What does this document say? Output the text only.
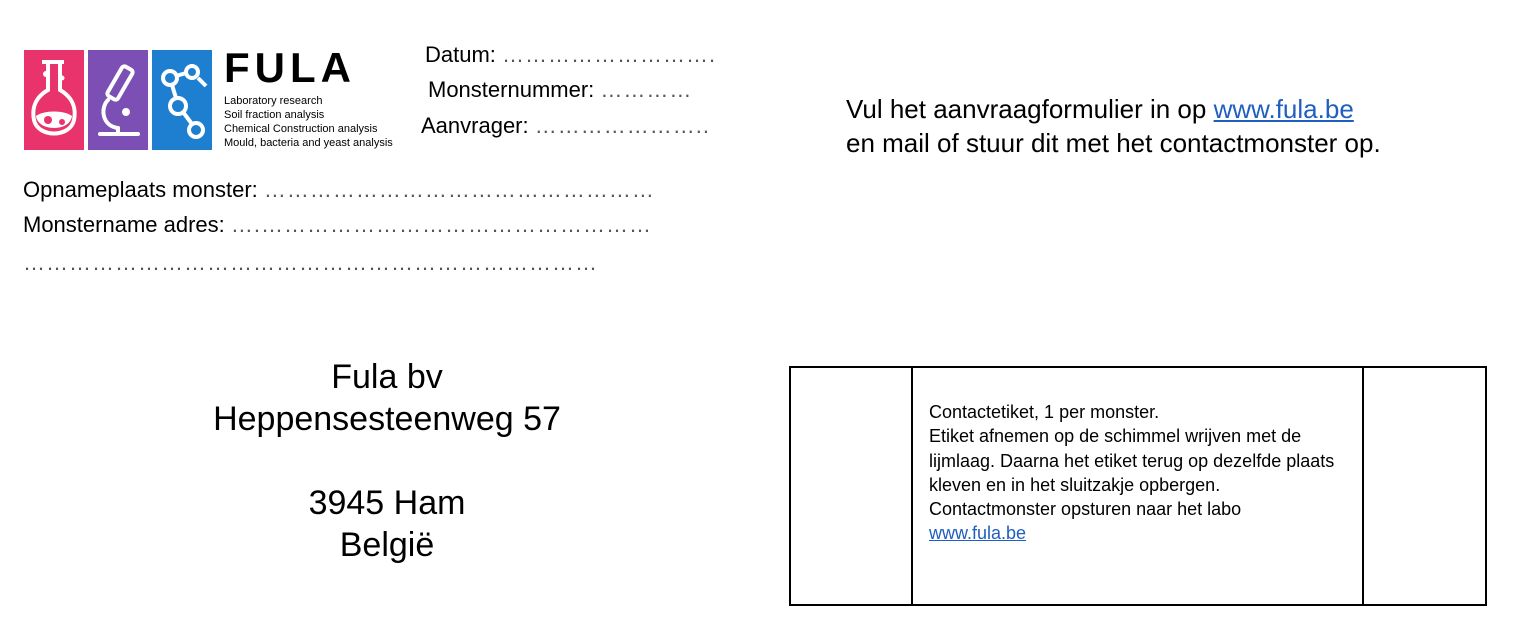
FULA
Laboratory research
Soil fraction analysis
Chemical Construction analysis
Mould, bacteria and yeast analysis
Datum: ……………………….
Monsternummer: …………
Aanvrager: …………………..
Opnameplaats monster: ……………………………………………
Monstername adres: ….……………………………………………
…………………………………………………………………
Vul het aanvraagformulier in op www.fula.be
en mail of stuur dit met het contactmonster op.
Fula bv
Heppensesteenweg 57
3945 Ham
België
Contactetiket, 1 per monster.
Etiket afnemen op de schimmel wrijven met de lijmlaag. Daarna het etiket terug op dezelfde plaats kleven en in het sluitzakje opbergen.
Contactmonster opsturen naar het labo
www.fula.be
